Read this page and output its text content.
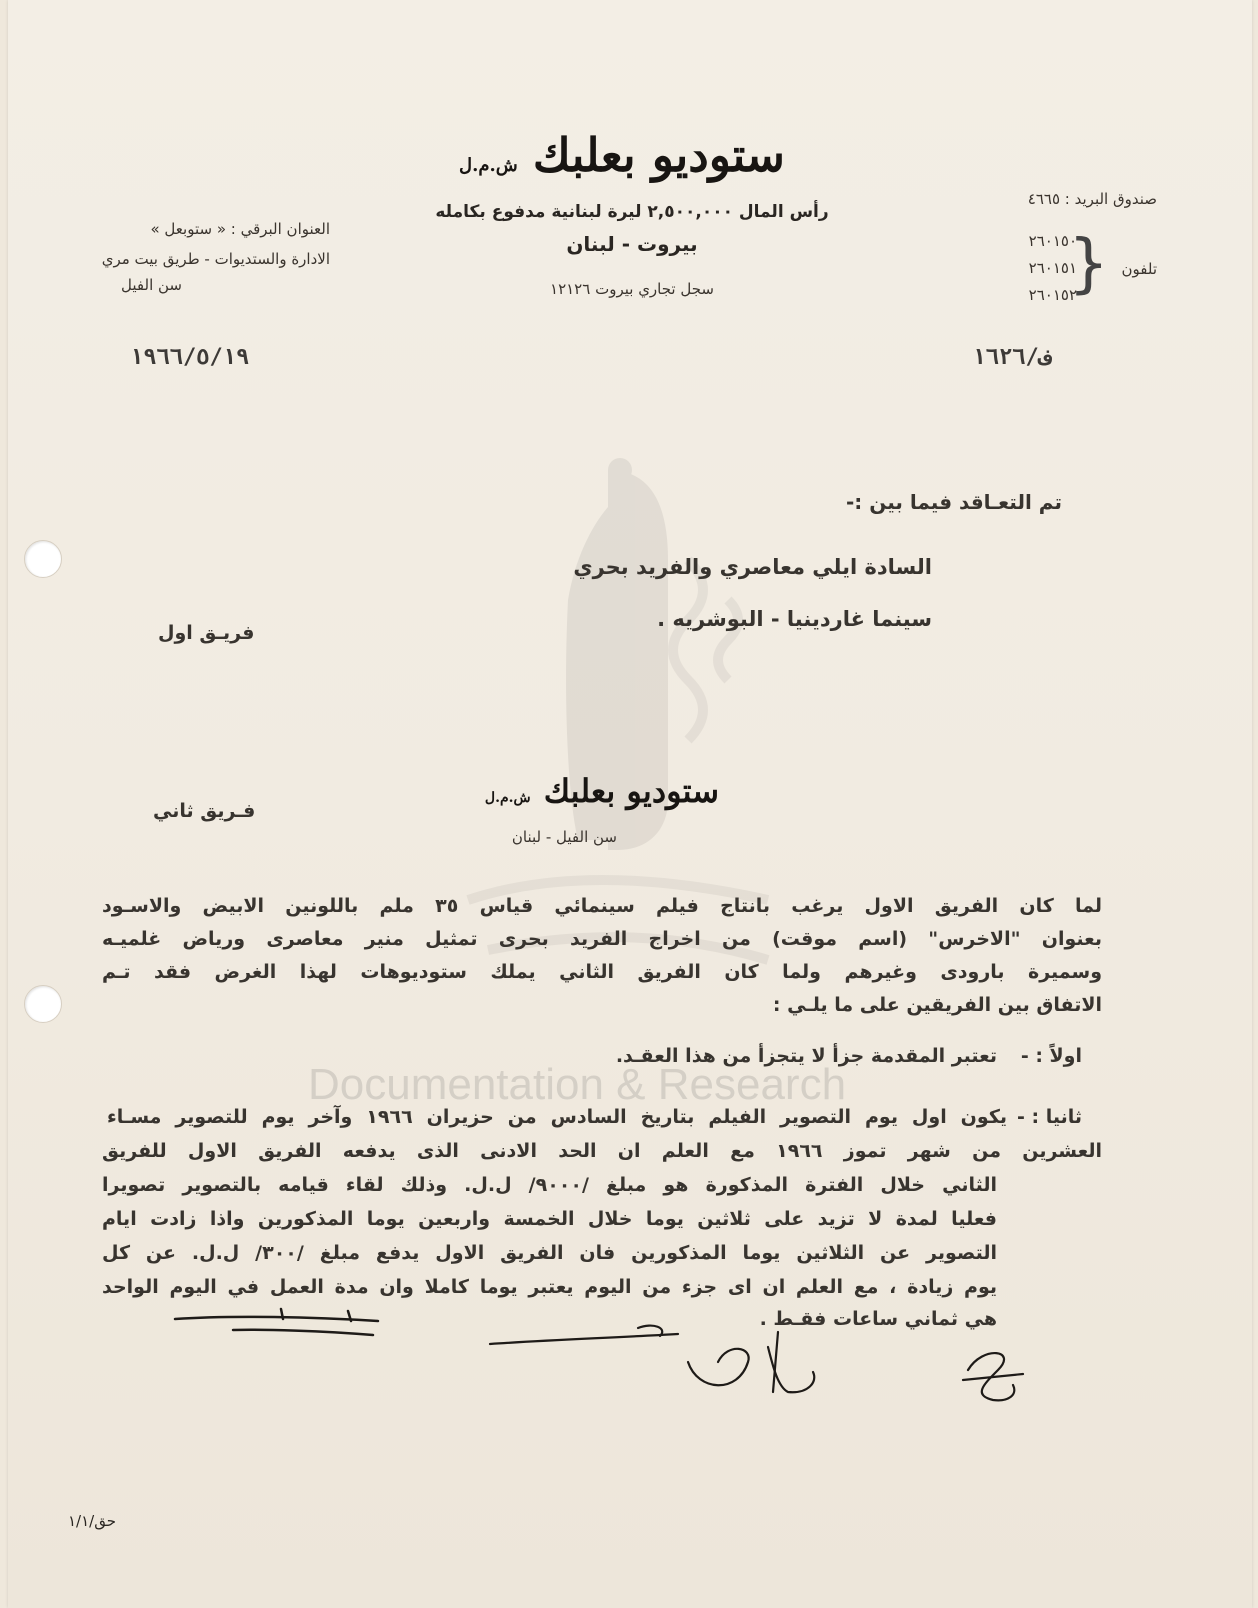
Documentation & Research
ستوديو بعلبك ش.م.ل
رأس المال ٢,٥٠٠,٠٠٠ ليرة لبنانية مدفوع بكامله
بيروت - لبنان
سجل تجاري بيروت ١٢١٢٦
صندوق البريد : ٤٦٦٥
تلفون
{
٢٦٠١٥٠
٢٦٠١٥١
٢٦٠١٥٢
العنوان البرقي : « ستوبعل »
الادارة والستديوات - طريق بيت مري
سن الفيل
ف/١٦٢٦
١٩٦٦/٥/١٩
تم التعـاقد فيما بين :-
السادة ايلي معاصري والفريد بحري
سينما غاردينيا - البوشريه .
فريـق اول
ستوديو بعلبك ش.م.ل
سن الفيل - لبنان
فـريق ثاني
لما كان الفريق الاول يرغب بانتاج فيلم سينمائي قياس ٣٥ ملم باللونين الابيض والاسـود
بعنوان "الاخرس" (اسم موقت) من اخراج الفريد بحرى تمثيل منير معاصرى ورياض غلميـه
وسميرة بارودى وغيرهم ولما كان الفريق الثاني يملك ستوديوهات لهذا الغرض فقد تـم
الاتفاق بين الفريقين على ما يلـي :
اولاً : -
تعتبر المقدمة جزأ لا يتجزأ من هذا العقـد.
ثانيا : -
يكون اول يوم التصوير الفيلم بتاريخ السادس من حزيران ١٩٦٦ وآخر يوم للتصوير مسـاء
العشرين من شهر تموز ١٩٦٦ مع العلم ان الحد الادنى الذى يدفعه الفريق الاول للفريق
الثاني خلال الفترة المذكورة هو مبلغ /٩٠٠٠/ ل.ل. وذلك لقاء قيامه بالتصوير تصويرا
فعليا لمدة لا تزيد على ثلاثين يوما خلال الخمسة واربعين يوما المذكورين واذا زادت ايام
التصوير عن الثلاثين يوما المذكورين فان الفريق الاول يدفع مبلغ /٣٠٠/ ل.ل. عن كل
يوم زيادة ، مع العلم ان اى جزء من اليوم يعتبر يوما كاملا وان مدة العمل في اليوم الواحد
هي ثماني ساعات فقـط .
حق/١/١
